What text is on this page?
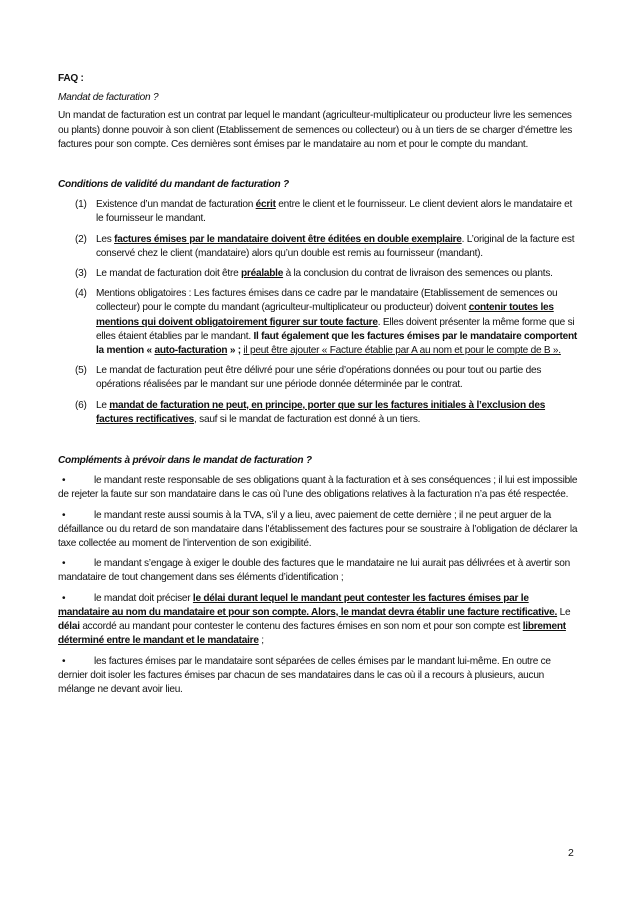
FAQ :

Mandat de facturation ?

Un mandat de facturation est un contrat par lequel le mandant (agriculteur-multiplicateur ou producteur livre les semences ou plants) donne pouvoir à son client (Etablissement de semences ou collecteur) ou à un tiers de se charger d’émettre les factures pour son compte. Ces dernières sont émises par le mandataire au nom et pour le compte du mandant.

Conditions de validité du mandant de facturation ?

(1) Existence d’un mandat de facturation écrit entre le client et le fournisseur. Le client devient alors le mandataire et le fournisseur le mandant.
(2) Les factures émises par le mandataire doivent être éditées en double exemplaire. L’original de la facture est conservé chez le client (mandataire) alors qu’un double est remis au fournisseur (mandant).
(3) Le mandat de facturation doit être préalable à la conclusion du contrat de livraison des semences ou plants.
(4) Mentions obligatoires : Les factures émises dans ce cadre par le mandataire (Etablissement de semences ou collecteur) pour le compte du mandant (agriculteur-multiplicateur ou producteur) doivent contenir toutes les mentions qui doivent obligatoirement figurer sur toute facture. Elles doivent présenter la même forme que si elles étaient établies par le mandant. Il faut également que les factures émises par le mandataire comportent la mention « auto-facturation » ; il peut être ajouter « Facture établie par A au nom et pour le compte de B ».
(5) Le mandat de facturation peut être délivré pour une série d’opérations données ou pour tout ou partie des opérations réalisées par le mandant sur une période donnée déterminée par le contrat.
(6) Le mandat de facturation ne peut, en principe, porter que sur les factures initiales à l’exclusion des factures rectificatives, sauf si le mandat de facturation est donné à un tiers.

Compléments à prévoir dans le mandat de facturation ?

•	le mandant reste responsable de ses obligations quant à la facturation et à ses conséquences ; il lui est impossible de rejeter la faute sur son mandataire dans le cas où l’une des obligations relatives à la facturation n’a pas été respectée.

•	le mandant reste aussi soumis à la TVA, s’il y a lieu, avec paiement de cette dernière ; il ne peut arguer de la défaillance ou du retard de son mandataire dans l’établissement des factures pour se soustraire à l’obligation de déclarer la taxe collectée au moment de l’intervention de son exigibilité.

•	le mandant s’engage à exiger le double des factures que le mandataire ne lui aurait pas délivrées et à avertir son mandataire de tout changement dans ses éléments d’identification ;

•	le mandat doit préciser le délai durant lequel le mandant peut contester les factures émises par le mandataire au nom du mandataire et pour son compte. Alors, le mandat devra établir une facture rectificative. Le délai accordé au mandant pour contester le contenu des factures émises en son nom et pour son compte est librement déterminé entre le mandant et le mandataire ;

•	les factures émises par le mandataire sont séparées de celles émises par le mandant lui-même. En outre ce dernier doit isoler les factures émises par chacun de ses mandataires dans le cas où il a recours à plusieurs, aucun mélange ne devant avoir lieu.

2
